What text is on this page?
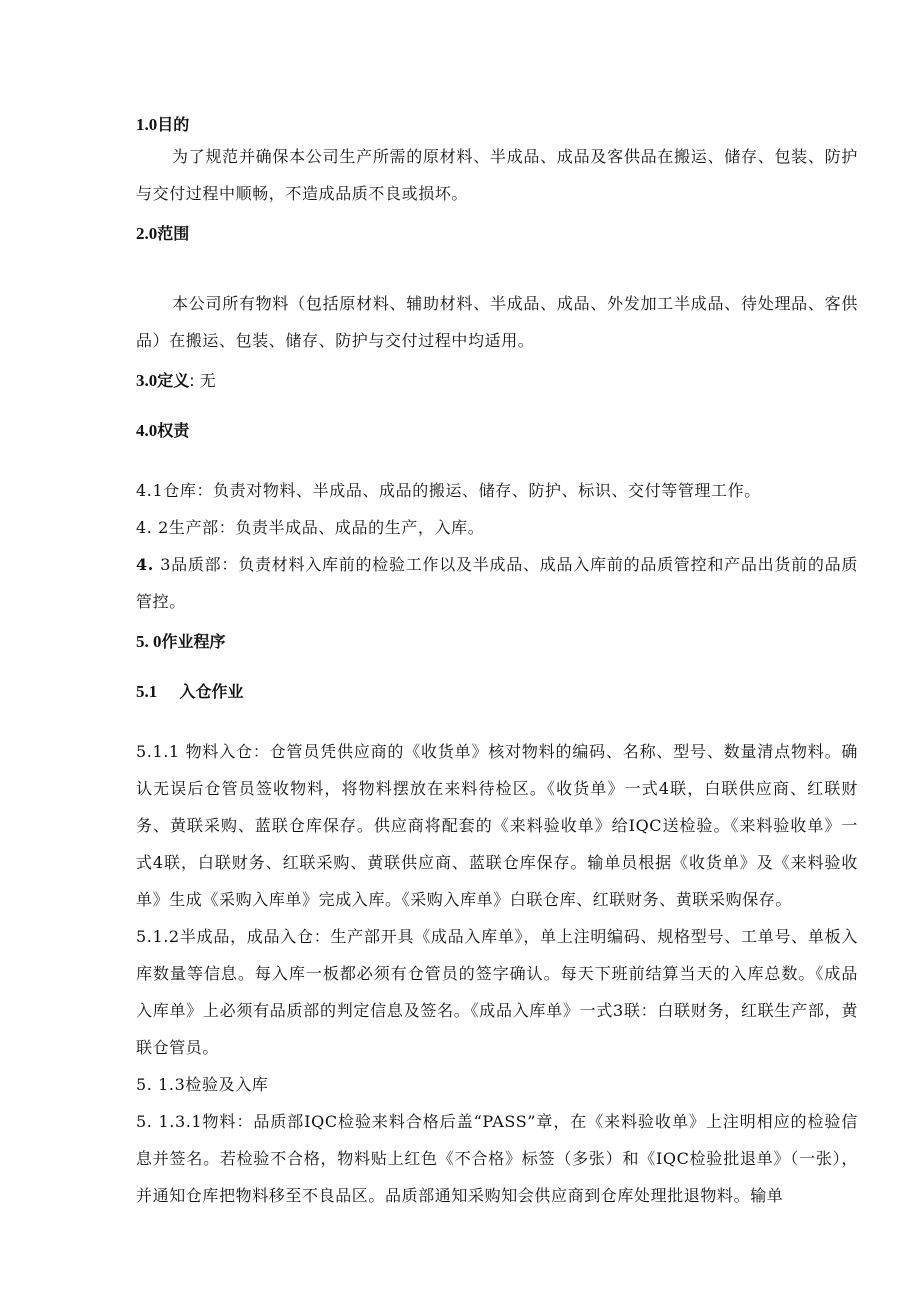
1.0目的

为了规范并确保本公司生产所需的原材料、半成品、成品及客供品在搬运、储存、包装、防护与交付过程中顺畅，不造成品质不良或损坏。

2.0范围

本公司所有物料（包括原材料、辅助材料、半成品、成品、外发加工半成品、待处理品、客供品）在搬运、包装、储存、防护与交付过程中均适用。

3.0定义: 无
4.0权责

4.1仓库：负责对物料、半成品、成品的搬运、储存、防护、标识、交付等管理工作。

4. 2生产部：负责半成品、成品的生产，入库。

4. 3品质部：负责材料入库前的检验工作以及半成品、成品入库前的品质管控和产品出货前的品质管控。

5. 0作业程序
5.1 入仓作业

5.1.1 物料入仓：仓管员凭供应商的《收货单》核对物料的编码、名称、型号、数量清点物料。确认无误后仓管员签收物料，将物料摆放在来料待检区。《收货单》一式4联，白联供应商、红联财务、黄联采购、蓝联仓库保存。供应商将配套的《来料验收单》给IQC送检验。《来料验收单》一式4联，白联财务、红联采购、黄联供应商、蓝联仓库保存。输单员根据《收货单》及《来料验收单》生成《采购入库单》完成入库。《采购入库单》白联仓库、红联财务、黄联采购保存。

5.1.2半成品，成品入仓：生产部开具《成品入库单》，单上注明编码、规格型号、工单号、单板入库数量等信息。每入库一板都必须有仓管员的签字确认。每天下班前结算当天的入库总数。《成品入库单》上必须有品质部的判定信息及签名。《成品入库单》一式3联：白联财务，红联生产部，黄联仓管员。

5. 1.3检验及入库

5. 1.3.1物料：品质部IQC检验来料合格后盖“PASS”章，在《来料验收单》上注明相应的检验信息并签名。若检验不合格，物料贴上红色《不合格》标签（多张）和《IQC检验批退单》（一张），并通知仓库把物料移至不良品区。品质部通知采购知会供应商到仓库处理批退物料。输单
